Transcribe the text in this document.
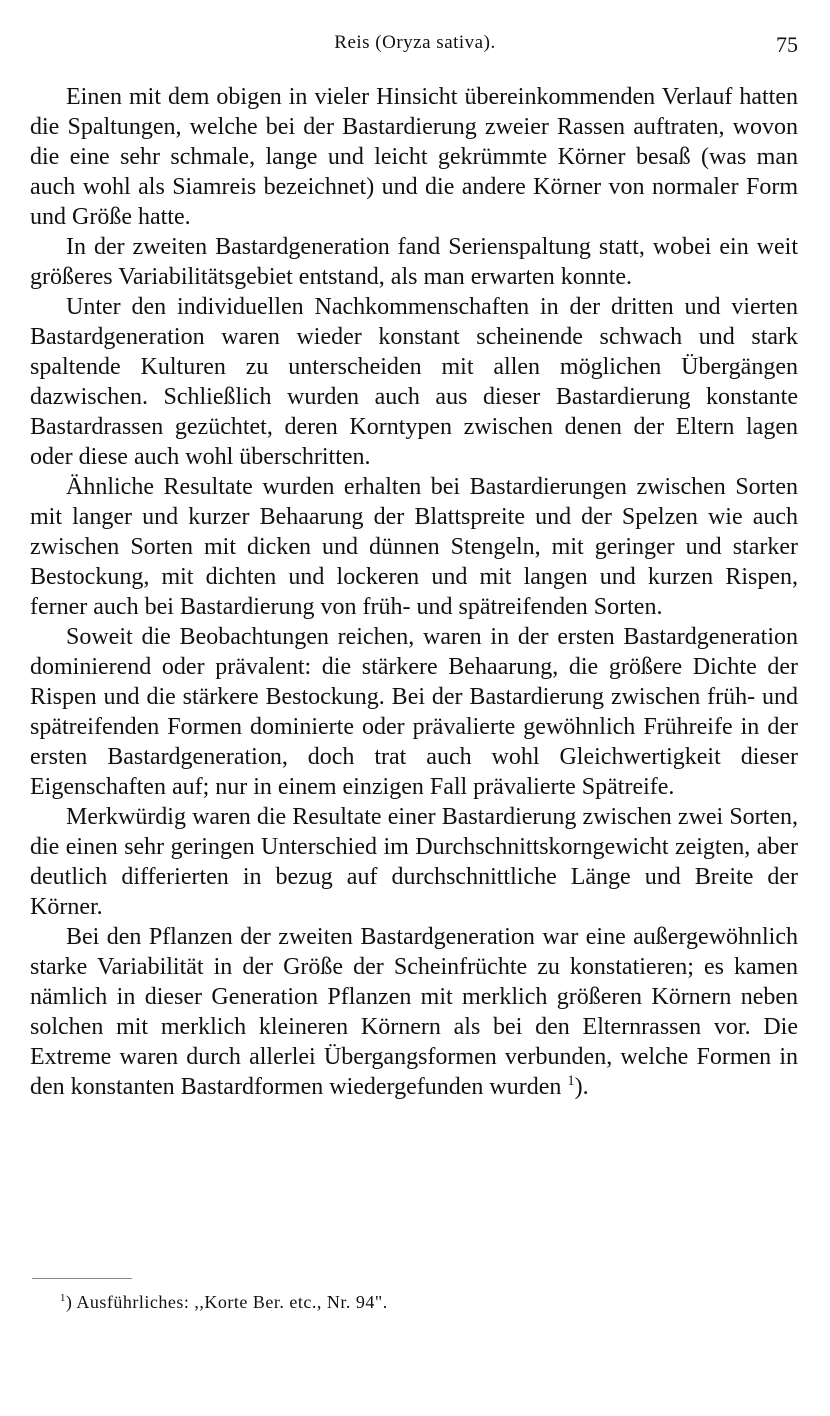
Reis (Oryza sativa).	75

Einen mit dem obigen in vieler Hinsicht übereinkommenden Verlauf hatten die Spaltungen, welche bei der Bastardierung zweier Rassen auftraten, wovon die eine sehr schmale, lange und leicht gekrümmte Körner besaß (was man auch wohl als Siamreis bezeichnet) und die andere Körner von normaler Form und Größe hatte.

In der zweiten Bastardgeneration fand Serienspaltung statt, wobei ein weit größeres Variabilitätsgebiet entstand, als man erwarten konnte.

Unter den individuellen Nachkommenschaften in der dritten und vierten Bastardgeneration waren wieder konstant scheinende schwach und stark spaltende Kulturen zu unterscheiden mit allen möglichen Übergängen dazwischen. Schließlich wurden auch aus dieser Bastardierung konstante Bastardrassen gezüchtet, deren Korntypen zwischen denen der Eltern lagen oder diese auch wohl überschritten.

Ähnliche Resultate wurden erhalten bei Bastardierungen zwischen Sorten mit langer und kurzer Behaarung der Blattspreite und der Spelzen wie auch zwischen Sorten mit dicken und dünnen Stengeln, mit geringer und starker Bestockung, mit dichten und lockeren und mit langen und kurzen Rispen, ferner auch bei Bastardierung von früh- und spätreifenden Sorten.

Soweit die Beobachtungen reichen, waren in der ersten Bastardgeneration dominierend oder prävalent: die stärkere Behaarung, die größere Dichte der Rispen und die stärkere Bestockung. Bei der Bastardierung zwischen früh- und spätreifenden Formen dominierte oder prävalierte gewöhnlich Frühreife in der ersten Bastardgeneration, doch trat auch wohl Gleichwertigkeit dieser Eigenschaften auf; nur in einem einzigen Fall prävalierte Spätreife.

Merkwürdig waren die Resultate einer Bastardierung zwischen zwei Sorten, die einen sehr geringen Unterschied im Durchschnittskorngewicht zeigten, aber deutlich differierten in bezug auf durchschnittliche Länge und Breite der Körner.

Bei den Pflanzen der zweiten Bastardgeneration war eine außergewöhnlich starke Variabilität in der Größe der Scheinfrüchte zu konstatieren; es kamen nämlich in dieser Generation Pflanzen mit merklich größeren Körnern neben solchen mit merklich kleineren Körnern als bei den Elternrassen vor. Die Extreme waren durch allerlei Übergangsformen verbunden, welche Formen in den konstanten Bastardformen wiedergefunden wurden $^1$).

$^1$) Ausführliches: ,,Korte Ber. etc., Nr. 94".
